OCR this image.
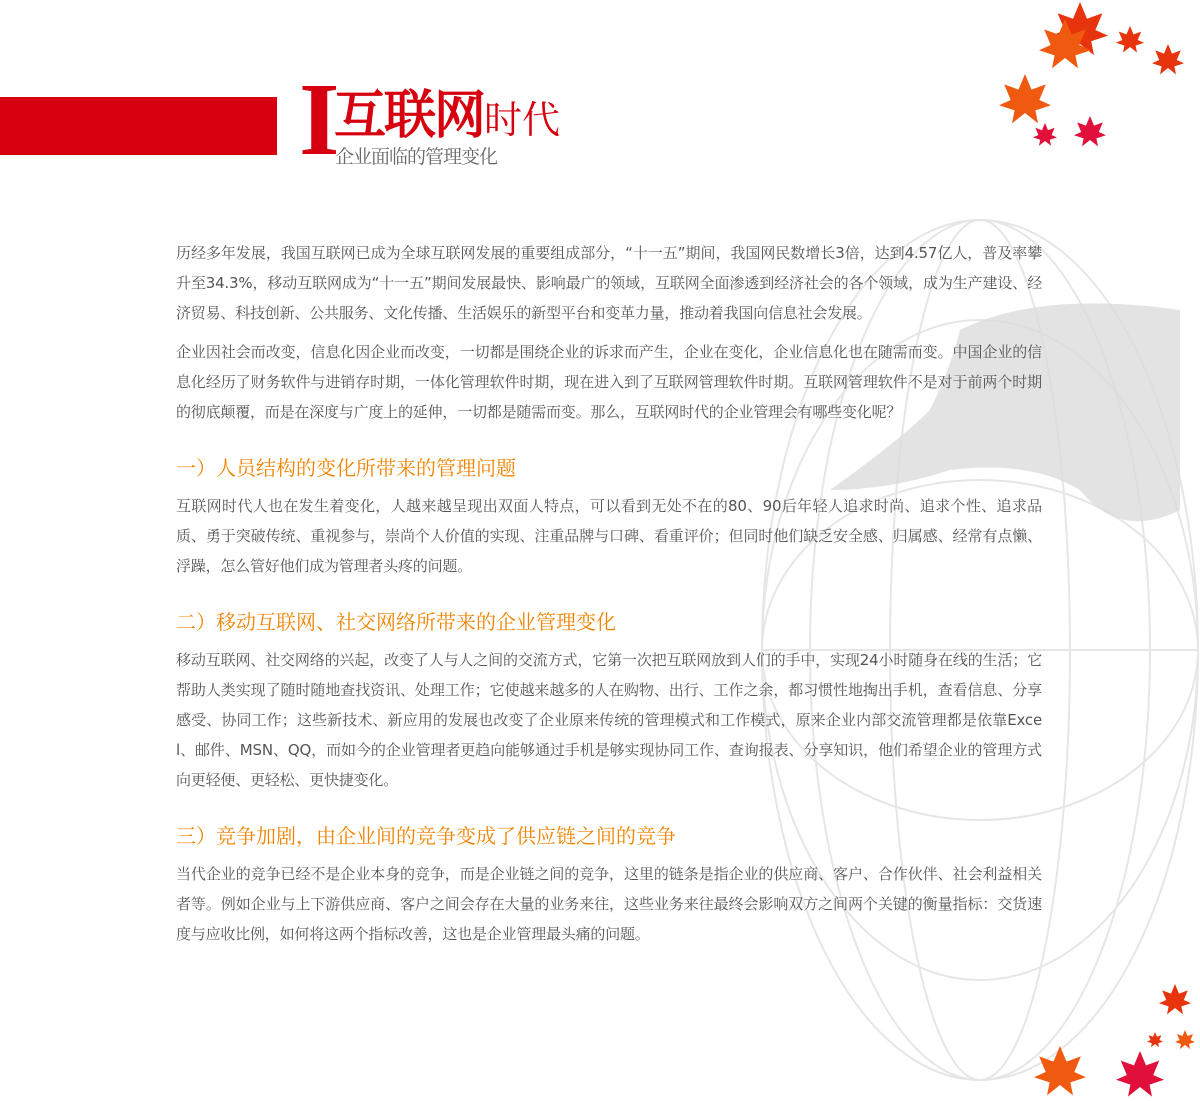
I
互联网时代
企业面临的管理变化

历经多年发展，我国互联网已成为全球互联网发展的重要组成部分，“十一五”期间，我国网民数增长3倍，达到4.57亿人，普及率攀升至34.3%，移动互联网成为“十一五”期间发展最快、影响最广的领域，互联网全面渗透到经济社会的各个领域，成为生产建设、经济贸易、科技创新、公共服务、文化传播、生活娱乐的新型平台和变革力量，推动着我国向信息社会发展。

企业因社会而改变，信息化因企业而改变，一切都是围绕企业的诉求而产生，企业在变化，企业信息化也在随需而变。中国企业的信息化经历了财务软件与进销存时期，一体化管理软件时期，现在进入到了互联网管理软件时期。互联网管理软件不是对于前两个时期的彻底颠覆，而是在深度与广度上的延伸，一切都是随需而变。那么，互联网时代的企业管理会有哪些变化呢？

一）人员结构的变化所带来的管理问题

互联网时代人也在发生着变化，人越来越呈现出双面人特点，可以看到无处不在的80、90后年轻人追求时尚、追求个性、追求品质、勇于突破传统、重视参与，崇尚个人价值的实现、注重品牌与口碑、看重评价；但同时他们缺乏安全感、归属感、经常有点懒、浮躁，怎么管好他们成为管理者头疼的问题。

二）移动互联网、社交网络所带来的企业管理变化

移动互联网、社交网络的兴起，改变了人与人之间的交流方式，它第一次把互联网放到人们的手中，实现24小时随身在线的生活；它帮助人类实现了随时随地查找资讯、处理工作；它使越来越多的人在购物、出行、工作之余，都习惯性地掏出手机，查看信息、分享感受、协同工作；这些新技术、新应用的发展也改变了企业原来传统的管理模式和工作模式，原来企业内部交流管理都是依靠Excel、邮件、MSN、QQ，而如今的企业管理者更趋向能够通过手机是够实现协同工作、查询报表、分享知识，他们希望企业的管理方式向更轻便、更轻松、更快捷变化。

三）竞争加剧，由企业间的竞争变成了供应链之间的竞争

当代企业的竞争已经不是企业本身的竞争，而是企业链之间的竞争，这里的链条是指企业的供应商、客户、合作伙伴、社会利益相关者等。例如企业与上下游供应商、客户之间会存在大量的业务来往，这些业务来往最终会影响双方之间两个关键的衡量指标：交货速度与应收比例，如何将这两个指标改善，这也是企业管理最头痛的问题。
